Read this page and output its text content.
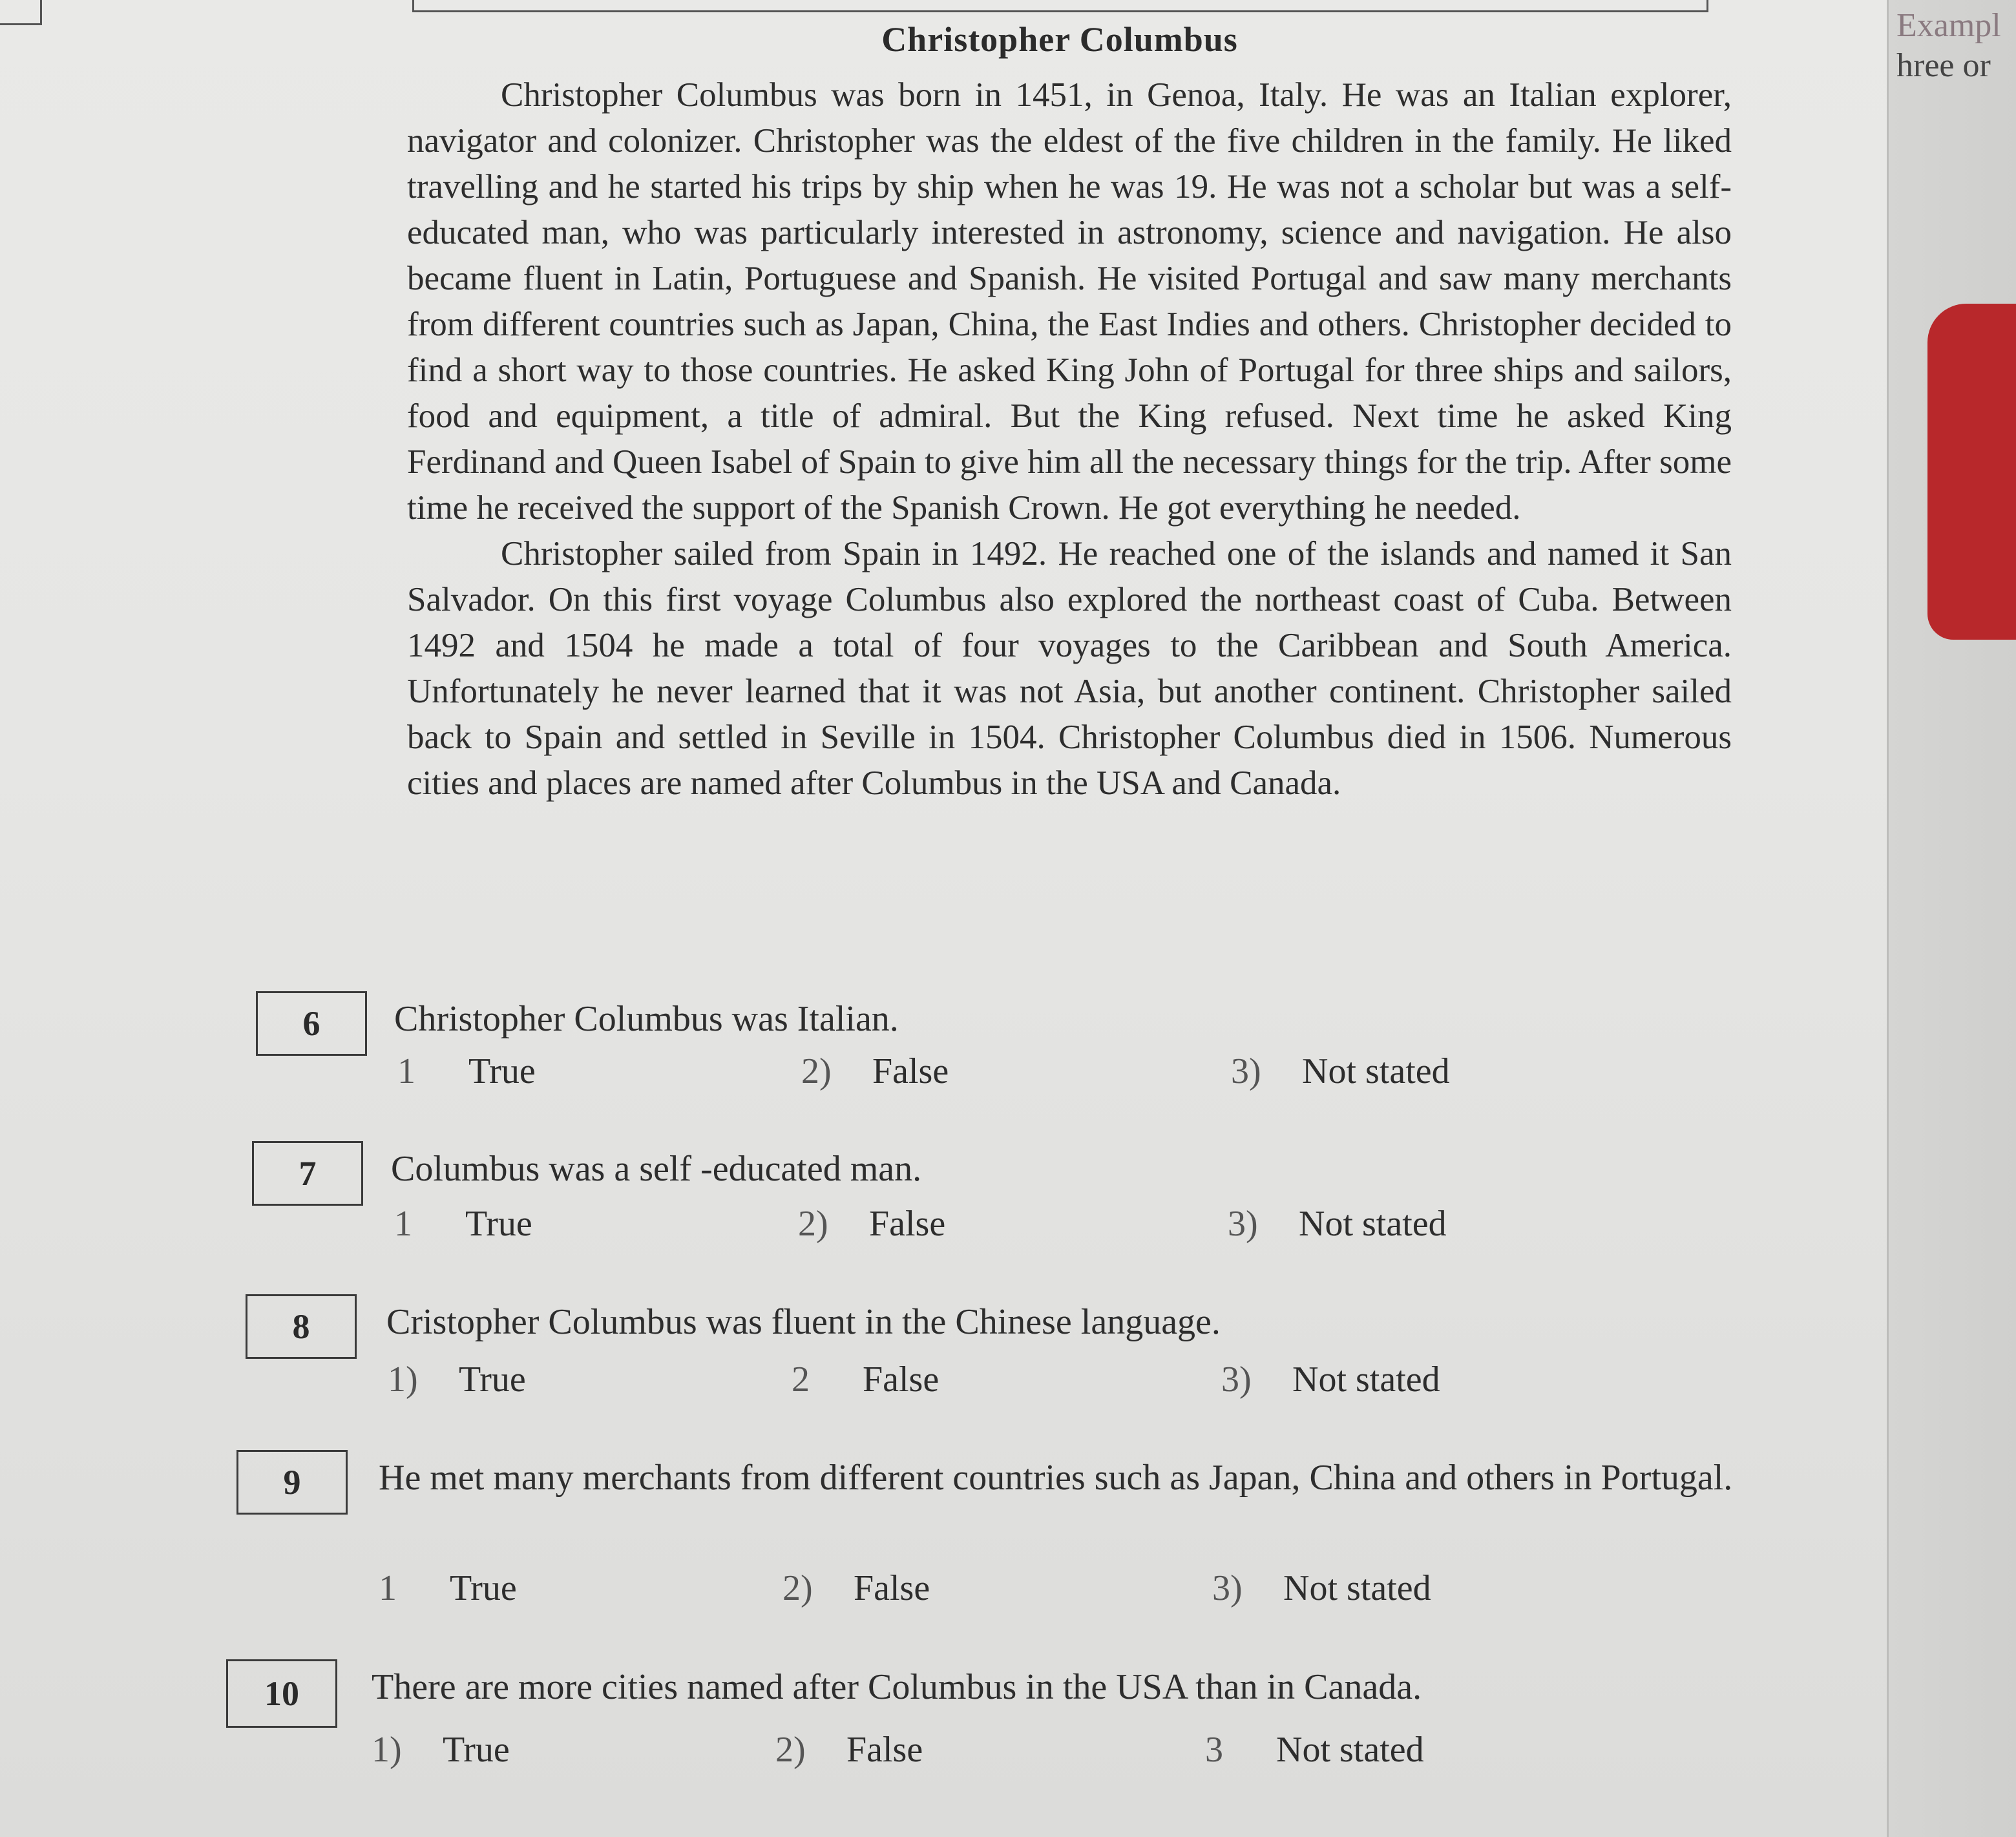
Christopher Columbus

Christopher Columbus was born in 1451, in Genoa, Italy. He was an Italian explorer, navigator and colonizer. Christopher was the eldest of the five children in the family. He liked travelling and he started his trips by ship when he was 19. He was not a scholar but was a self- educated man, who was particularly interested in astronomy, science and navigation. He also became fluent in Latin, Portuguese and Spanish. He visited Portugal and saw many merchants from different countries such as Japan, China, the East Indies and others. Christopher decided to find a short way to those countries. He asked King John of Portugal for three ships and sailors, food and equipment, a title of admiral. But the King refused. Next time he asked King Ferdinand and Queen Isabel of Spain to give him all the necessary things for the trip. After some time he received the support of the Spanish Crown. He got everything he needed.

Christopher sailed from Spain in 1492. He reached one of the islands and named it San Salvador. On this first voyage Columbus also explored the northeast coast of Cuba. Between 1492 and 1504 he made a total of four voyages to the Caribbean and South America. Unfortunately he never learned that it was not Asia, but another continent. Christopher sailed back to Spain and settled in Seville in 1504. Christopher Columbus died in 1506. Numerous cities and places are named after Columbus in the USA and Canada.

6	Christopher Columbus was Italian.
1 True	2) False	3) Not stated
7	Columbus was a self -educated man.
1 True	2) False	3) Not stated
8	Cristopher Columbus was fluent in the Chinese language.
1) True	2 False	3) Not stated
9	He met many merchants from different countries such as Japan, China and others in Portugal.
1 True	2) False	3) Not stated
10	There are more cities named after Columbus in the USA than in Canada.
1) True	2) False	3 Not stated
Exampl
hree or
